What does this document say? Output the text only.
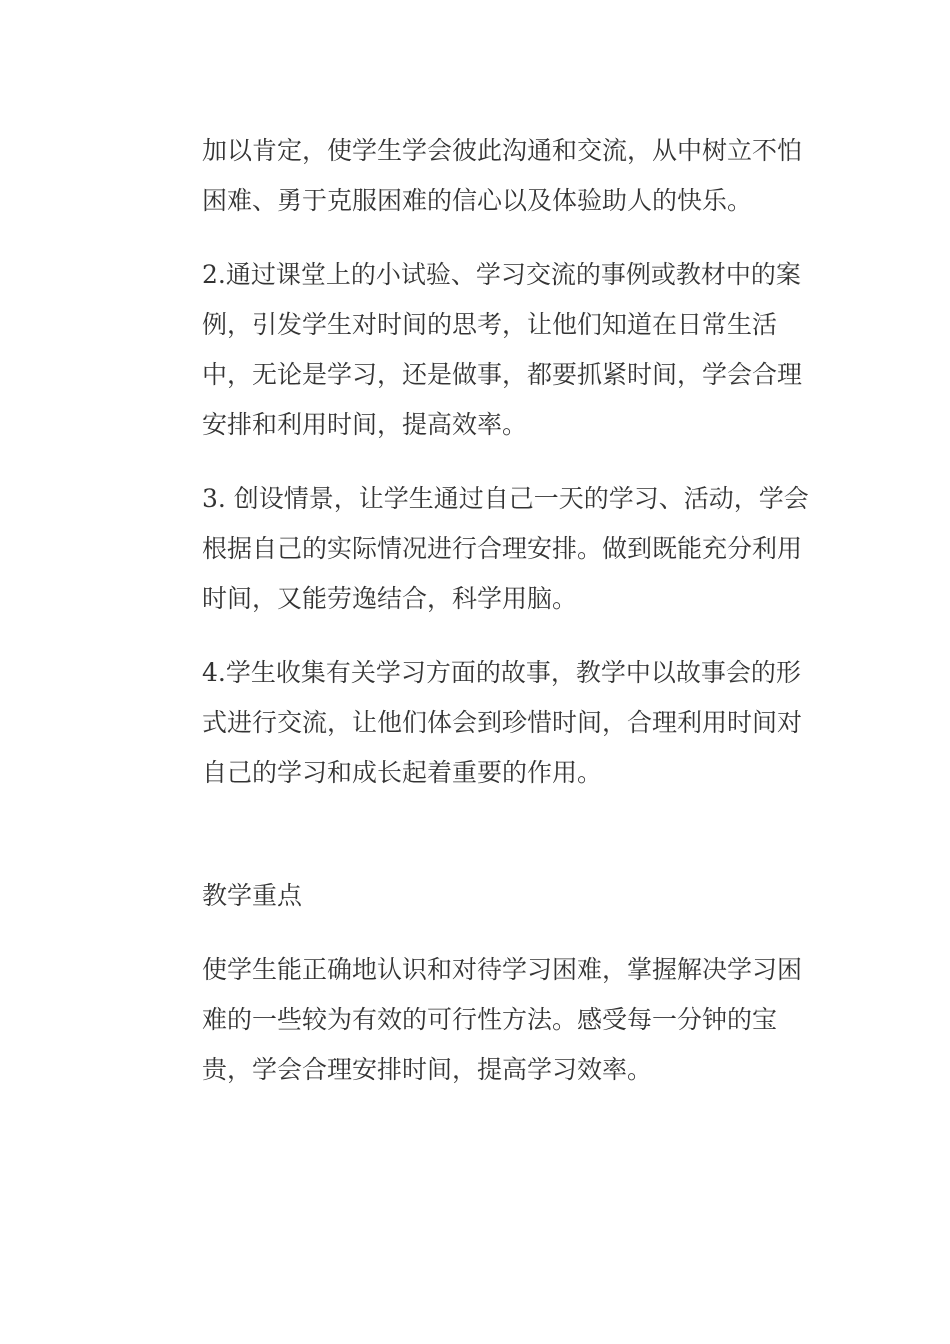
加以肯定，使学生学会彼此沟通和交流，从中树立不怕困难、勇于克服困难的信心以及体验助人的快乐。

2.通过课堂上的小试验、学习交流的事例或教材中的案例，引发学生对时间的思考，让他们知道在日常生活中，无论是学习，还是做事，都要抓紧时间，学会合理安排和利用时间，提高效率。

3. 创设情景，让学生通过自己一天的学习、活动，学会根据自己的实际情况进行合理安排。做到既能充分利用时间，又能劳逸结合，科学用脑。

4.学生收集有关学习方面的故事，教学中以故事会的形式进行交流，让他们体会到珍惜时间，合理利用时间对自己的学习和成长起着重要的作用。

教学重点

使学生能正确地认识和对待学习困难，掌握解决学习困难的一些较为有效的可行性方法。感受每一分钟的宝贵，学会合理安排时间，提高学习效率。
